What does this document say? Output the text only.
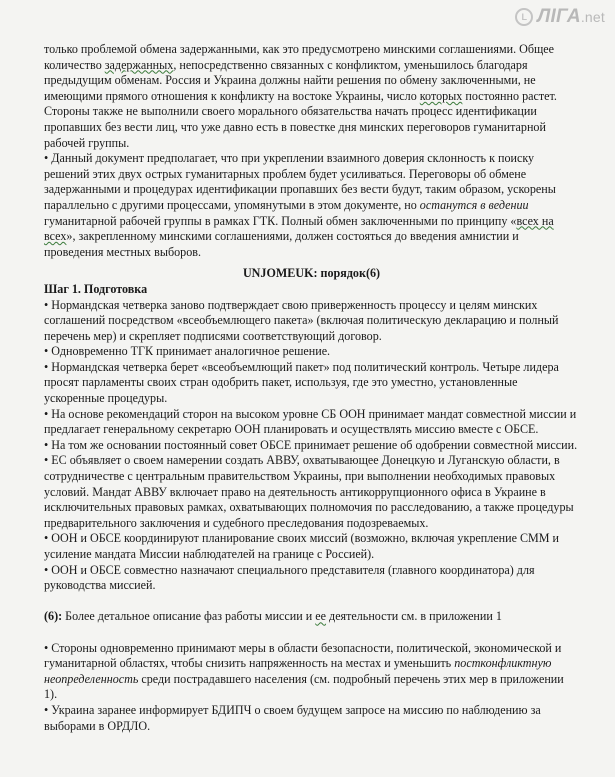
L ЛІГА.net

только проблемой обмена задержанными, как это предусмотрено минскими соглашениями. Общее количество задержанных, непосредственно связанных с конфликтом, уменьшилось благодаря предыдущим обменам. Россия и Украина должны найти решения по обмену заключенными, не имеющими прямого отношения к конфликту на востоке Украины, число которых постоянно растет. Стороны также не выполнили своего морального обязательства начать процесс идентификации пропавших без вести лиц, что уже давно есть в повестке дня минских переговоров гуманитарной рабочей группы.

• Данный документ предполагает, что при укреплении взаимного доверия склонность к поиску решений этих двух острых гуманитарных проблем будет усиливаться. Переговоры об обмене задержанными и процедурах идентификации пропавших без вести будут, таким образом, ускорены параллельно с другими процессами, упомянутыми в этом документе, но останутся в ведении гуманитарной рабочей группы в рамках ГТК. Полный обмен заключенными по принципу «всех на всех», закрепленному минскими соглашениями, должен состояться до введения амнистии и проведения местных выборов.

UNJOMEUK: порядок(6)

Шаг 1. Подготовка

• Нормандская четверка заново подтверждает свою приверженность процессу и целям минских соглашений посредством «всеобъемлющего пакета» (включая политическую декларацию и полный перечень мер) и скрепляет подписями соответствующий договор.

• Одновременно ТГК принимает аналогичное решение.

• Нормандская четверка берет «всеобъемлющий пакет» под политический контроль. Четыре лидера просят парламенты своих стран одобрить пакет, используя, где это уместно, установленные ускоренные процедуры.

• На основе рекомендаций сторон на высоком уровне СБ ООН принимает мандат совместной миссии и предлагает генеральному секретарю ООН планировать и осуществлять миссию вместе с ОБСЕ.

• На том же основании постоянный совет ОБСЕ принимает решение об одобрении совместной миссии.

• ЕС объявляет о своем намерении создать АВВУ, охватывающее Донецкую и Луганскую области, в сотрудничестве с центральным правительством Украины, при выполнении необходимых правовых условий. Мандат АВВУ включает право на деятельность антикоррупционного офиса в Украине в исключительных правовых рамках, охватывающих полномочия по расследованию, а также процедуры предварительного заключения и судебного преследования подозреваемых.

• ООН и ОБСЕ координируют планирование своих миссий (возможно, включая укрепление СММ и усиление мандата Миссии наблюдателей на границе с Россией).

• ООН и ОБСЕ совместно назначают специального представителя (главного координатора) для руководства миссией.

(6): Более детальное описание фаз работы миссии и ее деятельности см. в приложении 1

• Стороны одновременно принимают меры в области безопасности, политической, экономической и гуманитарной областях, чтобы снизить напряженность на местах и уменьшить постконфликтную неопределенность среди пострадавшего населения (см. подробный перечень этих мер в приложении 1).

• Украина заранее информирует БДИПЧ о своем будущем запросе на миссию по наблюдению за выборами в ОРДЛО.
